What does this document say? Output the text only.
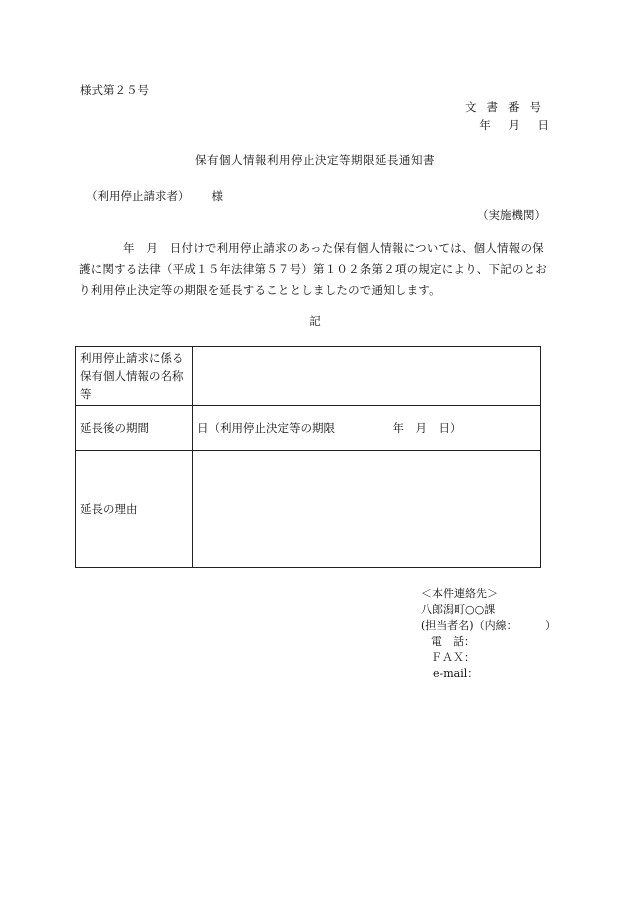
様式第２５号
文書番号
年 月 日
保有個人情報利用停止決定等期限延長通知書
（利用停止請求者） 様
（実施機関）
年　月　日付けで利用停止請求のあった保有個人情報については、個人情報の保護に関する法律（平成１５年法律第５７号）第１０２条第２項の規定により、下記のとおり利用停止決定等の期限を延長することとしましたので通知します。
記
利用停止請求に係る保有個人情報の名称等	
延長後の期間	日（利用停止決定等の期限　　　　　年　月　日）
延長の理由	
＜本件連絡先＞
八郎潟町○○課
(担当者名)（内線：　　　）
電　話：
ＦＡＸ：
e-mail：
